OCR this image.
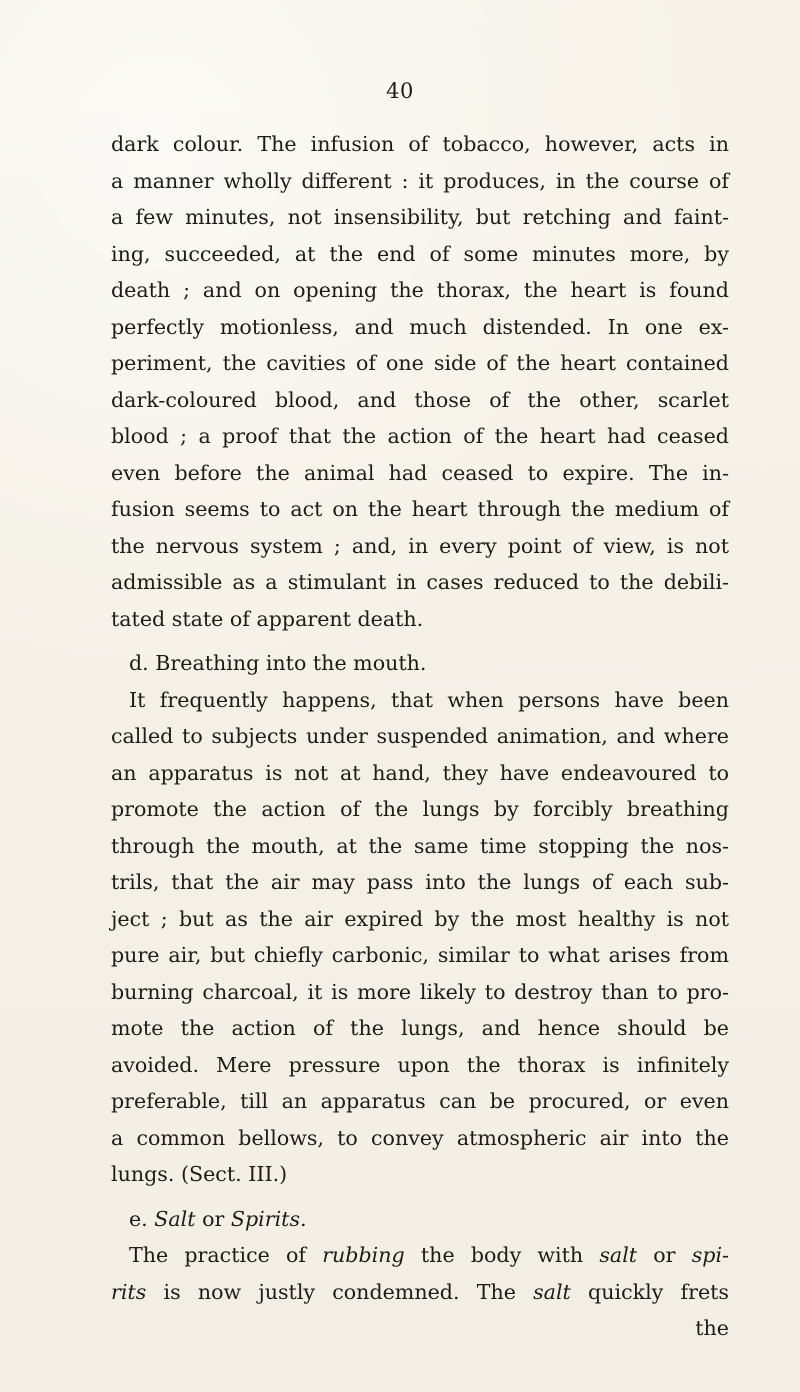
40
dark colour. The infusion of tobacco, however, acts in
a manner wholly different : it produces, in the course of
a few minutes, not insensibility, but retching and faint-
ing, succeeded, at the end of some minutes more, by
death ; and on opening the thorax, the heart is found
perfectly motionless, and much distended. In one ex-
periment, the cavities of one side of the heart contained
dark-coloured blood, and those of the other, scarlet
blood ; a proof that the action of the heart had ceased
even before the animal had ceased to expire. The in-
fusion seems to act on the heart through the medium of
the nervous system ; and, in every point of view, is not
admissible as a stimulant in cases reduced to the debili-
tated state of apparent death.
d. Breathing into the mouth.
It frequently happens, that when persons have been
called to subjects under suspended animation, and where
an apparatus is not at hand, they have endeavoured to
promote the action of the lungs by forcibly breathing
through the mouth, at the same time stopping the nos-
trils, that the air may pass into the lungs of each sub-
ject ; but as the air expired by the most healthy is not
pure air, but chiefly carbonic, similar to what arises from
burning charcoal, it is more likely to destroy than to pro-
mote the action of the lungs, and hence should be
avoided. Mere pressure upon the thorax is infinitely
preferable, till an apparatus can be procured, or even
a common bellows, to convey atmospheric air into the
lungs. (Sect. III.)
e. Salt or Spirits.
The practice of rubbing the body with salt or spi-
rits is now justly condemned. The salt quickly frets
the
